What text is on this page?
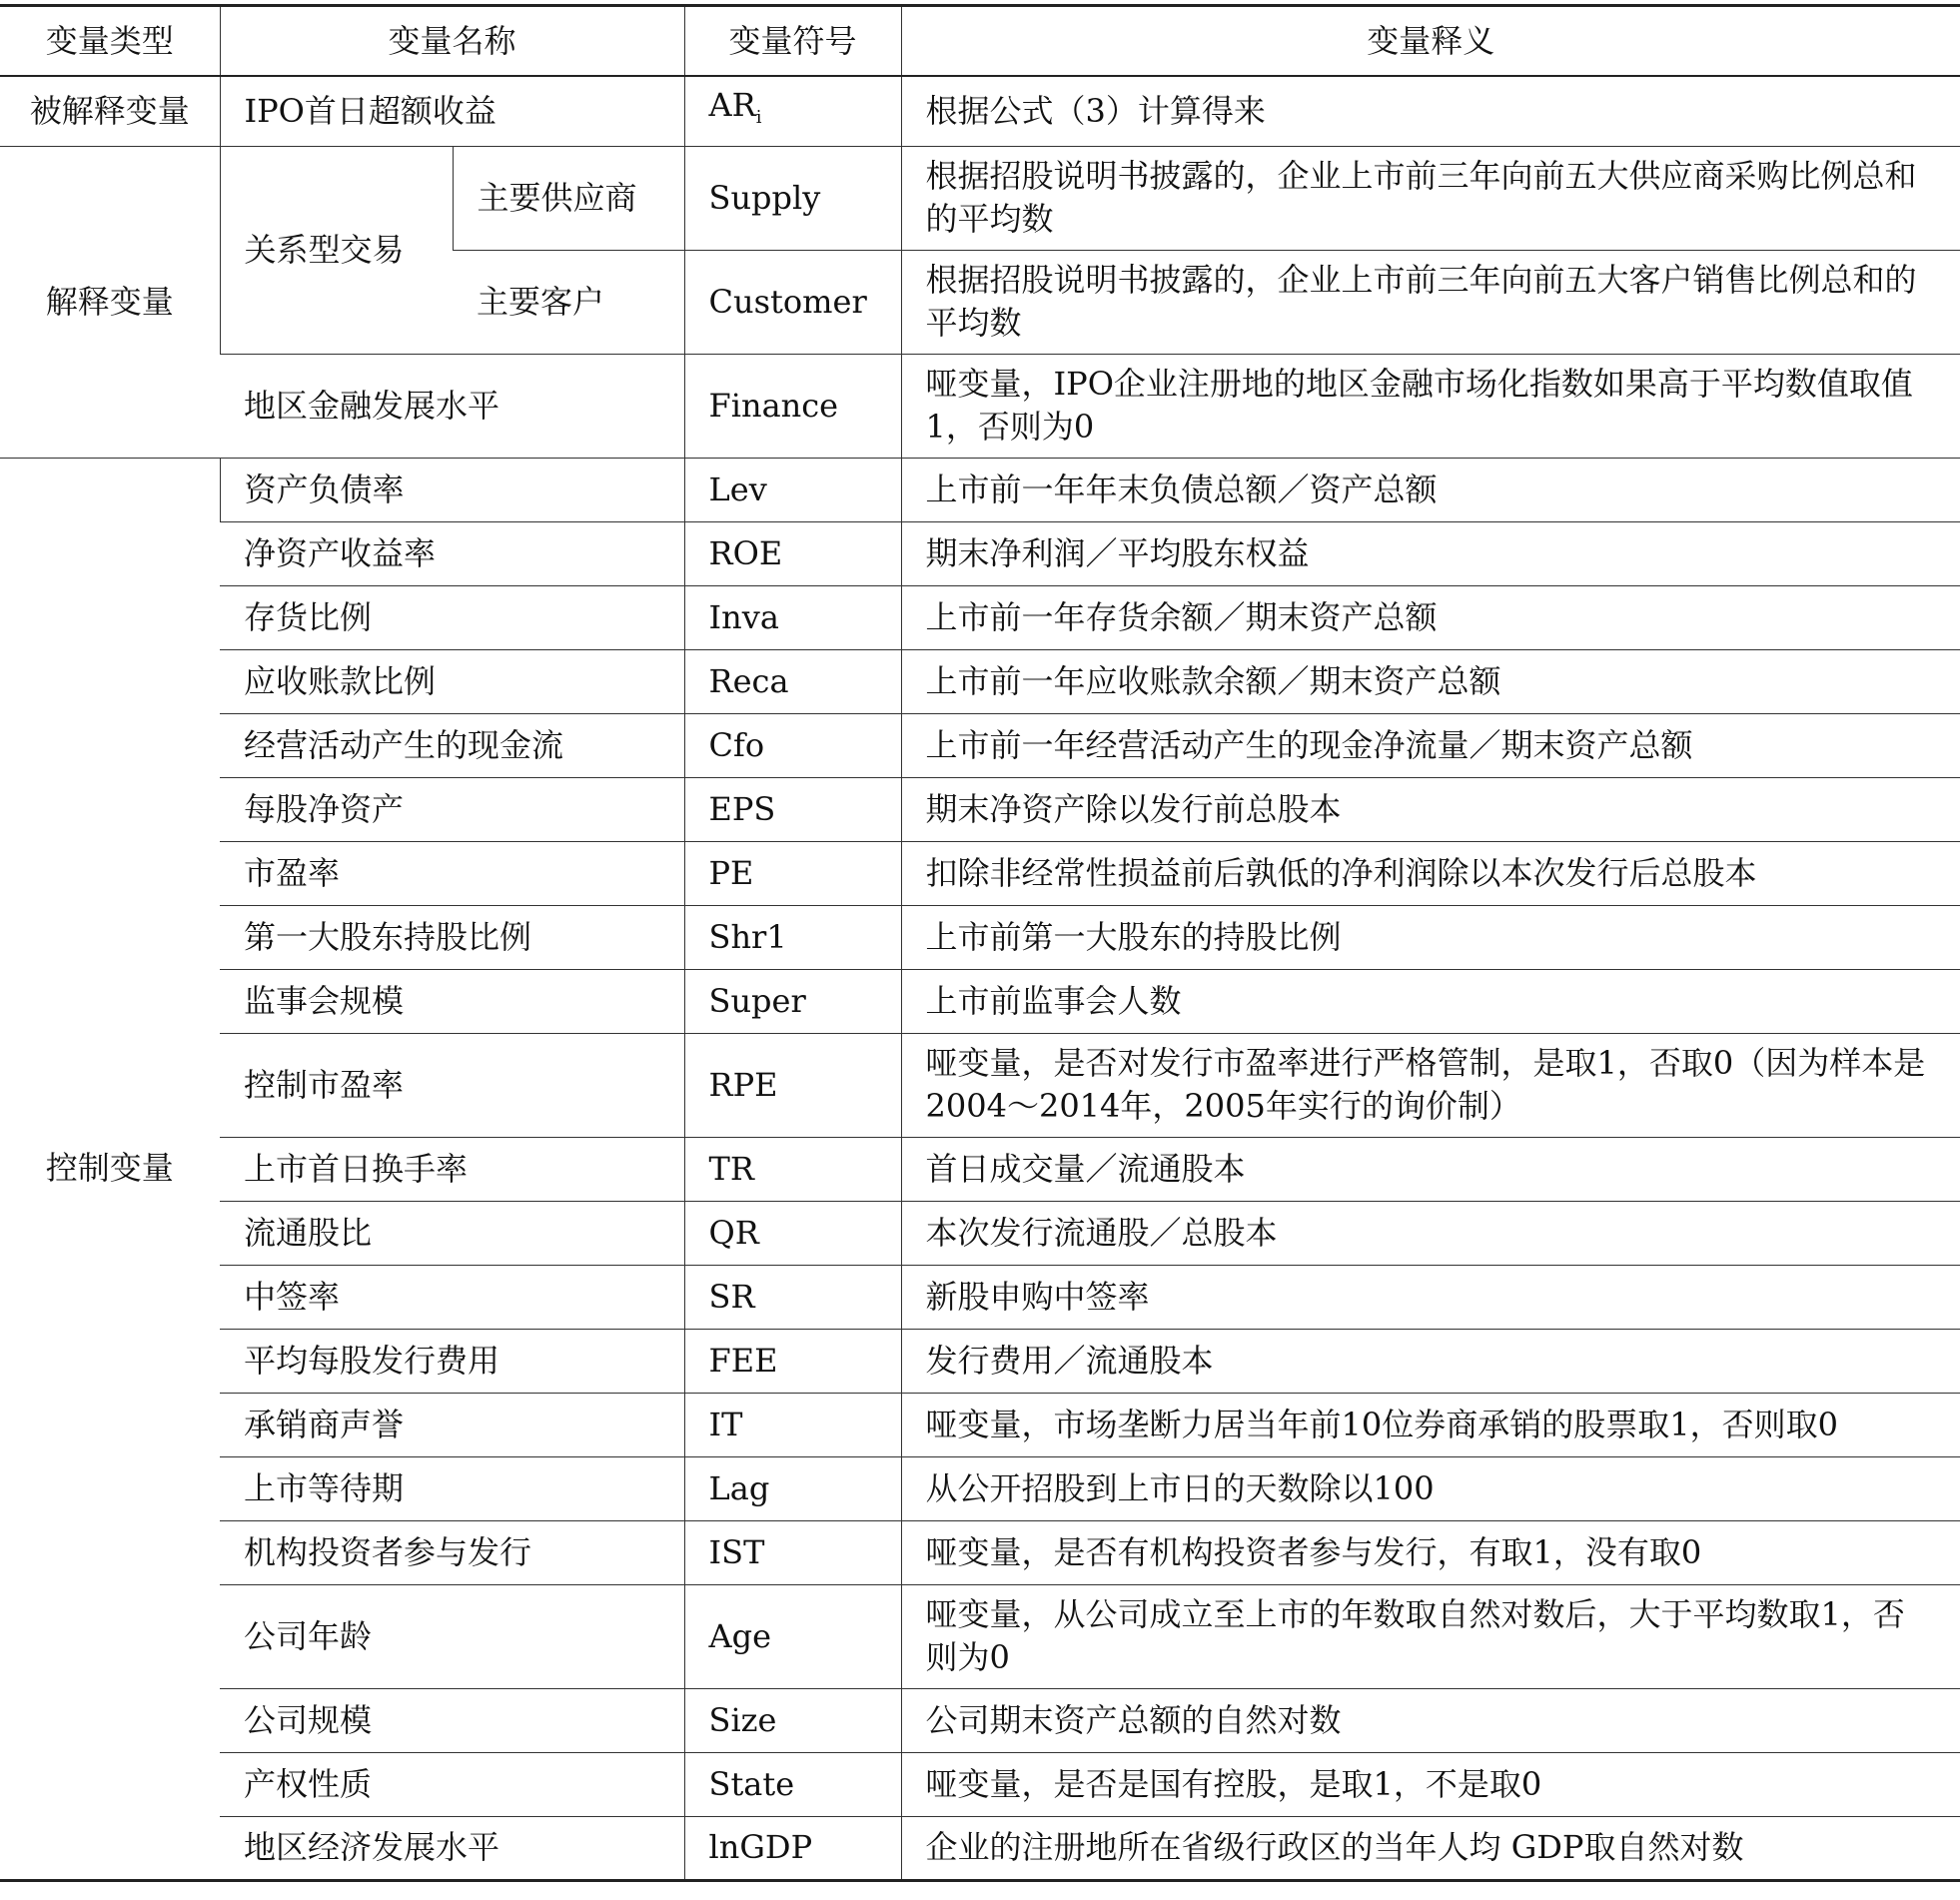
变量类型	变量名称		变量符号	变量释义
被解释变量	IPO首日超额收益		$AR_i$	根据公式（3）计算得来
解释变量	关系型交易	主要供应商	Supply	根据招股说明书披露的，企业上市前三年向前五大供应商采购比例总和的平均数
		主要客户	Customer	根据招股说明书披露的，企业上市前三年向前五大客户销售比例总和的平均数
	地区金融发展水平		Finance	哑变量，IPO企业注册地的地区金融市场化指数如果高于平均数值取值1，否则为0
控制变量	资产负债率		Lev	上市前一年年末负债总额／资产总额
	净资产收益率		ROE	期末净利润／平均股东权益
	存货比例		Inva	上市前一年存货余额／期末资产总额
	应收账款比例		Reca	上市前一年应收账款余额／期末资产总额
	经营活动产生的现金流		Cfo	上市前一年经营活动产生的现金净流量／期末资产总额
	每股净资产		EPS	期末净资产除以发行前总股本
	市盈率		PE	扣除非经常性损益前后孰低的净利润除以本次发行后总股本
	第一大股东持股比例		Shr1	上市前第一大股东的持股比例
	监事会规模		Super	上市前监事会人数
	控制市盈率		RPE	哑变量，是否对发行市盈率进行严格管制，是取1，否取0（因为样本是2004～2014年，2005年实行的询价制）
	上市首日换手率		TR	首日成交量／流通股本
	流通股比		QR	本次发行流通股／总股本
	中签率		SR	新股申购中签率
	平均每股发行费用		FEE	发行费用／流通股本
	承销商声誉		IT	哑变量，市场垄断力居当年前10位券商承销的股票取1，否则取0
	上市等待期		Lag	从公开招股到上市日的天数除以100
	机构投资者参与发行		IST	哑变量，是否有机构投资者参与发行，有取1，没有取0
	公司年龄		Age	哑变量，从公司成立至上市的年数取自然对数后，大于平均数取1，否则为0
	公司规模		Size	公司期末资产总额的自然对数
	产权性质		State	哑变量，是否是国有控股，是取1，不是取0
	地区经济发展水平		lnGDP	企业的注册地所在省级行政区的当年人均 GDP取自然对数
